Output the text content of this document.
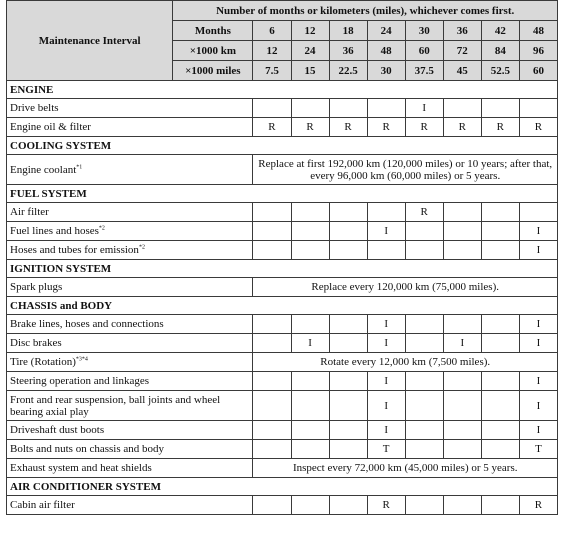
Maintenance Interval	Number of months or kilometers (miles), whichever comes first.								
	Months	6	12	18	24	30	36	42	48
	×1000 km	12	24	36	48	60	72	84	96
	×1000 miles	7.5	15	22.5	30	37.5	45	52.5	60
ENGINE									
Drive belts						I			
Engine oil & filter		R	R	R	R	R	R	R	R
COOLING SYSTEM									
Engine coolant$^{*1}$		Replace at first 192,000 km (120,000 miles) or 10 years; after that, every 96,000 km (60,000 miles) or 5 years.							
FUEL SYSTEM									
Air filter						R			
Fuel lines and hoses$^{*2}$					I				I
Hoses and tubes for emission$^{*2}$									I
IGNITION SYSTEM									
Spark plugs		Replace every 120,000 km (75,000 miles).							
CHASSIS and BODY									
Brake lines, hoses and connections					I				I
Disc brakes			I		I		I		I
Tire (Rotation)$^{*3*4}$		Rotate every 12,000 km (7,500 miles).							
Steering operation and linkages					I				I
Front and rear suspension, ball joints and wheel bearing axial play					I				I
Driveshaft dust boots					I				I
Bolts and nuts on chassis and body					T				T
Exhaust system and heat shields		Inspect every 72,000 km (45,000 miles) or 5 years.							
AIR CONDITIONER SYSTEM									
Cabin air filter					R				R
